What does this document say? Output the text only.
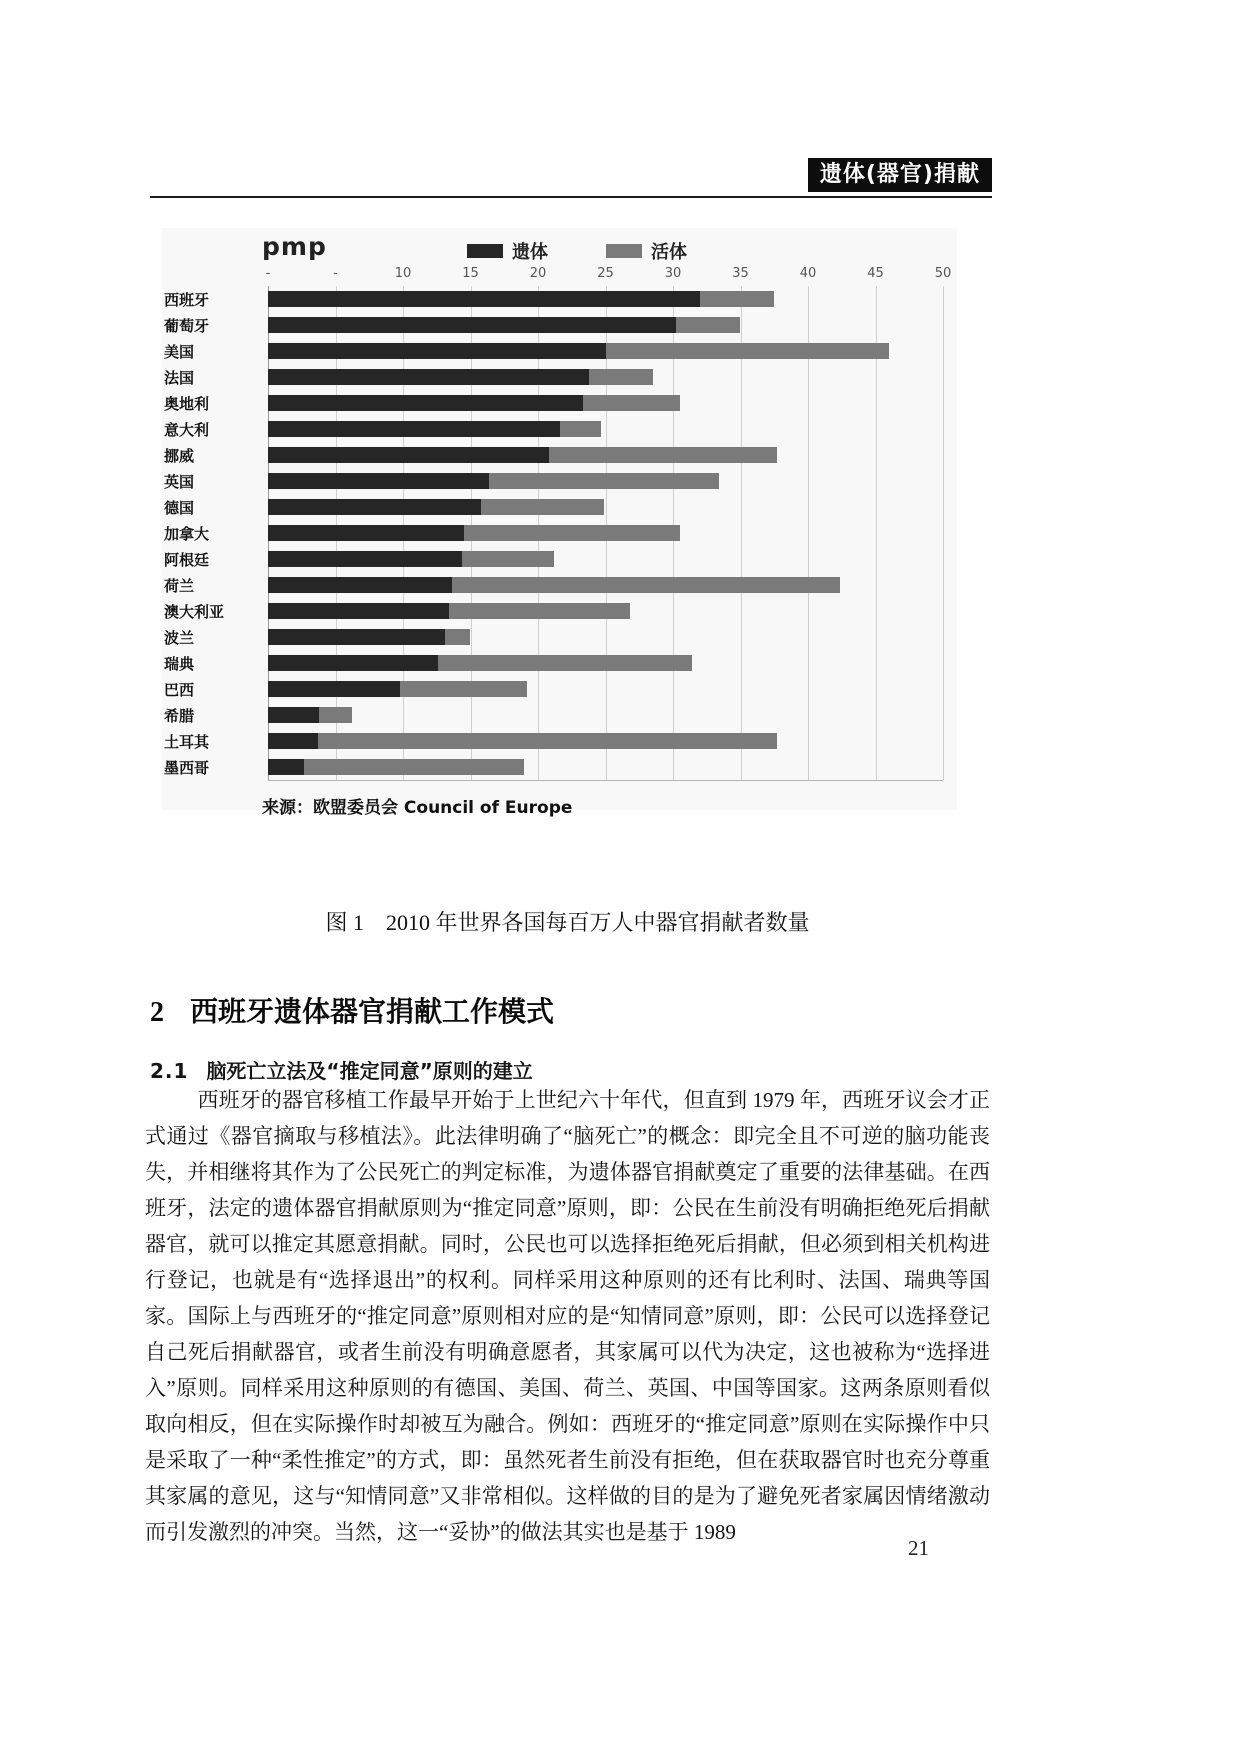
遗体(器官)捐献
pmp	遗体	活体
-	-	10	15	20	25	30	35	40	45	50
西班牙
葡萄牙
美国
法国
奥地利
意大利
挪威
英国
德国
加拿大
阿根廷
荷兰
澳大利亚
波兰
瑞典
巴西
希腊
土耳其
墨西哥
来源：欧盟委员会 Council of Europe
图 1　2010 年世界各国每百万人中器官捐献者数量
2 西班牙遗体器官捐献工作模式
2.1 脑死亡立法及“推定同意”原则的建立

西班牙的器官移植工作最早开始于上世纪六十年代，但直到 1979 年，西班牙议会才正式通过《器官摘取与移植法》。此法律明确了“脑死亡”的概念：即完全且不可逆的脑功能丧失，并相继将其作为了公民死亡的判定标准，为遗体器官捐献奠定了重要的法律基础。在西班牙，法定的遗体器官捐献原则为“推定同意”原则，即：公民在生前没有明确拒绝死后捐献器官，就可以推定其愿意捐献。同时，公民也可以选择拒绝死后捐献，但必须到相关机构进行登记，也就是有“选择退出”的权利。同样采用这种原则的还有比利时、法国、瑞典等国家。国际上与西班牙的“推定同意”原则相对应的是“知情同意”原则，即：公民可以选择登记自己死后捐献器官，或者生前没有明确意愿者，其家属可以代为决定，这也被称为“选择进入”原则。同样采用这种原则的有德国、美国、荷兰、英国、中国等国家。这两条原则看似取向相反，但在实际操作时却被互为融合。例如：西班牙的“推定同意”原则在实际操作中只是采取了一种“柔性推定”的方式，即：虽然死者生前没有拒绝，但在获取器官时也充分尊重其家属的意见，这与“知情同意”又非常相似。这样做的目的是为了避免死者家属因情绪激动而引发激烈的冲突。当然，这一“妥协”的做法其实也是基于 1989

21
